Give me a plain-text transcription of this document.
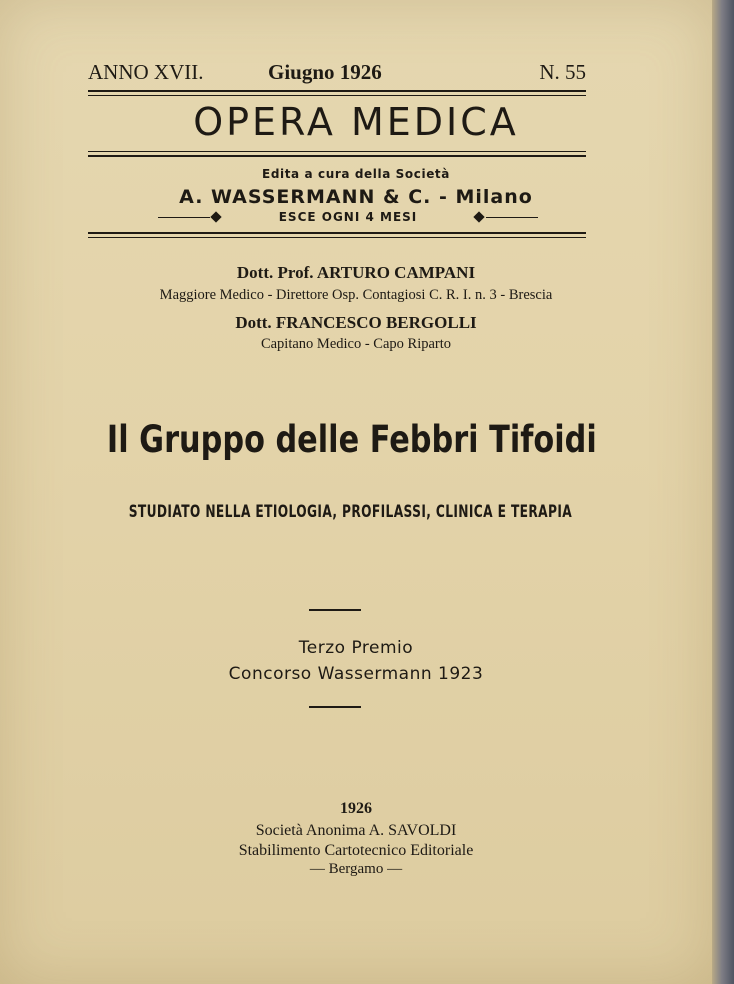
ANNO XVII.	Giugno 1926	N. 55
OPERA MEDICA
Edita a cura della Società
A. WASSERMANN & C. - Milano
ESCE OGNI 4 MESI
Dott. Prof. ARTURO CAMPANI
Maggiore Medico - Direttore Osp. Contagiosi C. R. I. n. 3 - Brescia
Dott. FRANCESCO BERGOLLI
Capitano Medico - Capo Riparto
Il Gruppo delle Febbri Tifoidi
STUDIATO NELLA ETIOLOGIA, PROFILASSI, CLINICA E TERAPIA
Terzo Premio
Concorso Wassermann 1923
1926
Società Anonima A. SAVOLDI
Stabilimento Cartotecnico Editoriale
— Bergamo —
